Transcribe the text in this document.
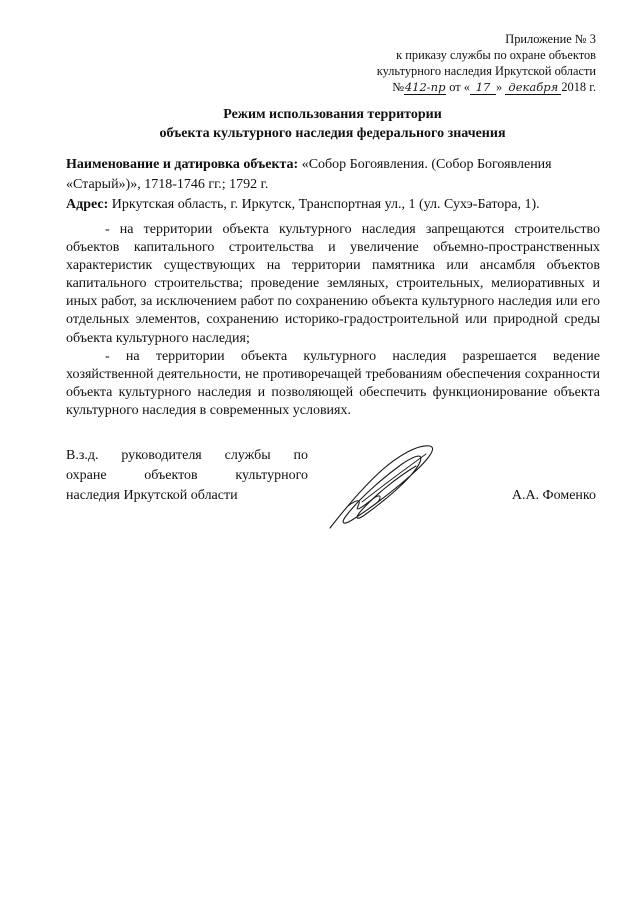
Приложение № 3
к приказу службы по охране объектов
культурного наследия Иркутской области
№412-пр от « 17 » декабря 2018 г.
Режим использования территории
объекта культурного наследия федерального значения

Наименование и датировка объекта: «Собор Богоявления. (Собор Богоявления «Старый»)», 1718-1746 гг.; 1792 г.

Адрес: Иркутская область, г. Иркутск, Транспортная ул., 1 (ул. Сухэ-Батора, 1).

- на территории объекта культурного наследия запрещаются строительство объектов капитального строительства и увеличение объемно-пространственных характеристик существующих на территории памятника или ансамбля объектов капитального строительства; проведение земляных, строительных, мелиоративных и иных работ, за исключением работ по сохранению объекта культурного наследия или его отдельных элементов, сохранению историко-градостроительной или природной среды объекта культурного наследия;

- на территории объекта культурного наследия разрешается ведение хозяйственной деятельности, не противоречащей требованиям обеспечения сохранности объекта культурного наследия и позволяющей обеспечить функционирование объекта культурного наследия в современных условиях.

В.з.д. руководителя службы по
охране объектов культурного
наследия Иркутской области	А.А. Фоменко
